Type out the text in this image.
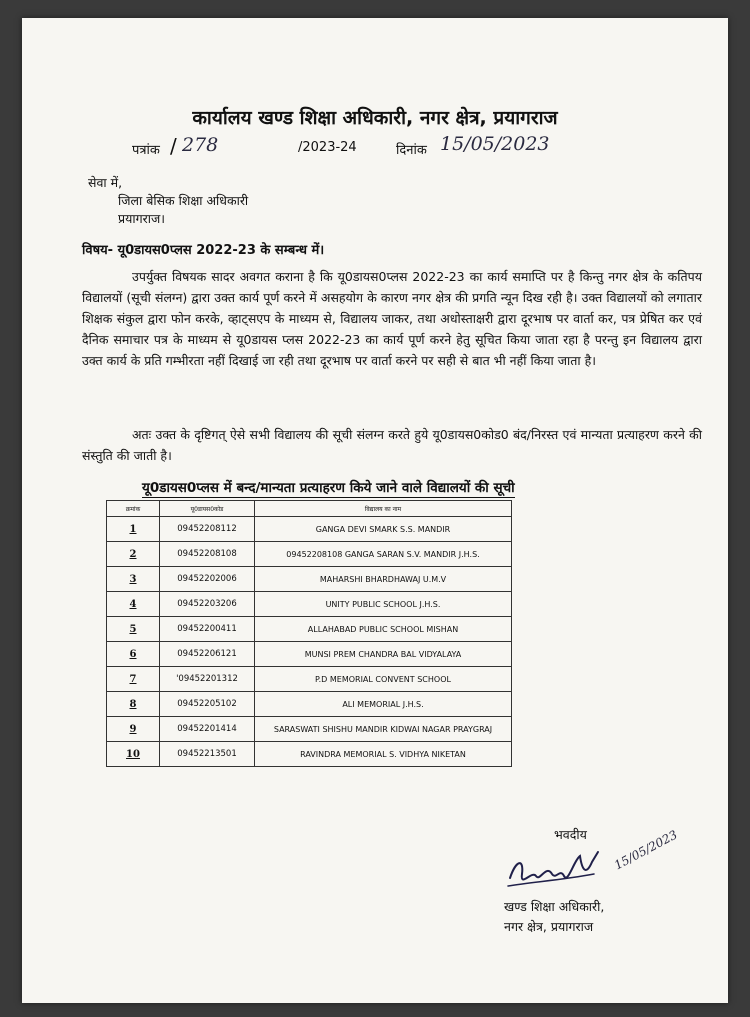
कार्यालय खण्ड शिक्षा अधिकारी, नगर क्षेत्र, प्रयागराज
पत्रांक / 278	/2023-24	दिनांक 15/05/2023
सेवा में,
जिला बेसिक शिक्षा अधिकारी
प्रयागराज।
विषय- यू0डायस0प्लस 2022-23 के सम्बन्ध में।
उपर्युक्त विषयक सादर अवगत कराना है कि यू0डायस0प्लस 2022-23 का कार्य समाप्ति पर है किन्तु नगर क्षेत्र के कतिपय विद्यालयों (सूची संलग्न) द्वारा उक्त कार्य पूर्ण करने में असहयोग के कारण नगर क्षेत्र की प्रगति न्यून दिख रही है। उक्त विद्यालयों को लगातार शिक्षक संकुल द्वारा फोन करके, व्हाट्सएप के माध्यम से, विद्यालय जाकर, तथा अधोस्ताक्षरी द्वारा दूरभाष पर वार्ता कर, पत्र प्रेषित कर एवं दैनिक समाचार पत्र के माध्यम से यू0डायस प्लस 2022-23 का कार्य पूर्ण करने हेतु सूचित किया जाता रहा है परन्तु इन विद्यालय द्वारा उक्त कार्य के प्रति गम्भीरता नहीं दिखाई जा रही तथा दूरभाष पर वार्ता करने पर सही से बात भी नहीं किया जाता है।
अतः उक्त के दृष्टिगत् ऐसे सभी विद्यालय की सूची संलग्न करते हुये यू0डायस0कोड0 बंद/निरस्त एवं मान्यता प्रत्याहरण करने की संस्तुति की जाती है।
यू0डायस0प्लस में बन्द/मान्यता प्रत्याहरण किये जाने वाले विद्यालयों की सूची
क्रमांक	यू0डायस0कोड	विद्यालय का नाम
1	09452208112	GANGA DEVI SMARK S.S. MANDIR
2	09452208108	09452208108 GANGA SARAN S.V. MANDIR J.H.S.
3	09452202006	MAHARSHI BHARDHAWAJ U.M.V
4	09452203206	UNITY PUBLIC SCHOOL J.H.S.
5	09452200411	ALLAHABAD PUBLIC SCHOOL MISHAN
6	09452206121	MUNSI PREM CHANDRA BAL VIDYALAYA
7	'09452201312	P.D MEMORIAL CONVENT SCHOOL
8	09452205102	ALI MEMORIAL J.H.S.
9	09452201414	SARASWATI SHISHU MANDIR KIDWAI NAGAR PRAYGRAJ
10	09452213501	RAVINDRA MEMORIAL S. VIDHYA NIKETAN
भवदीय 15/05/2023
खण्ड शिक्षा अधिकारी,
नगर क्षेत्र, प्रयागराज
